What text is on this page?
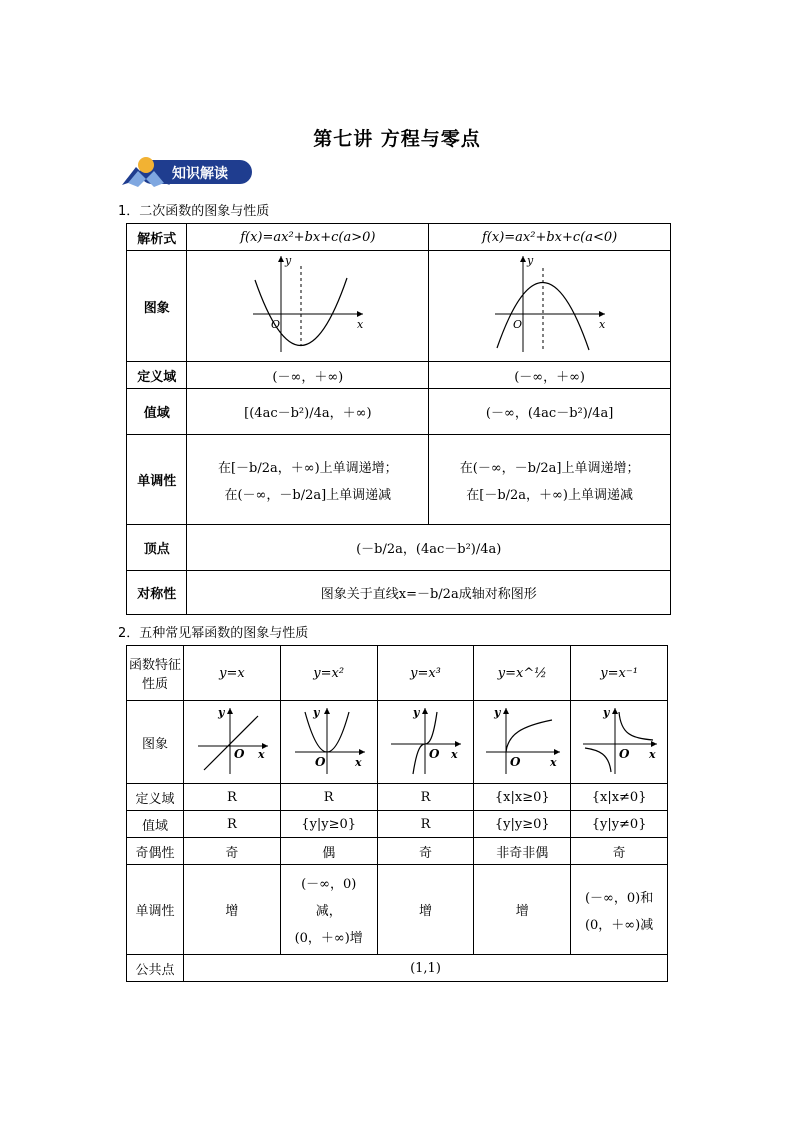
第七讲 方程与零点
知识解读
1．二次函数的图象与性质
解析式	f(x)=ax²+bx+c(a>0)	f(x)=ax²+bx+c(a<0)
图象	y
x
O	y
x
O

定义域	(－∞，＋∞)	(－∞，＋∞)
值域	[(4ac－b²)/4a，＋∞)	(－∞，(4ac－b²)/4a]
单调性	在[－b/2a，＋∞)上单调递增；
在(－∞，－b/2a]上单调递减	在(－∞，－b/2a]上单调递增；
在[－b/2a，＋∞)上单调递减

顶点	(－b/2a，(4ac－b²)/4a)	
对称性	图象关于直线x=－b/2a成轴对称图形	
2．五种常见幂函数的图象与性质
函数特征性质	y=x	y=x²	y=x³	y=x^½	y=x⁻¹
图象	y
x
O	y
x
O	y
x
O	y
x
O	y
x
O

定义域	R	R	R	{x|x≥0}	{x|x≠0}
值域	R	{y|y≥0}	R	{y|y≥0}	{y|y≠0}
奇偶性	奇	偶	奇	非奇非偶	奇
单调性	增	(－∞，0)
减，
(0，＋∞)增	增	增	(－∞，0)和
(0，＋∞)减

公共点	(1,1)				
